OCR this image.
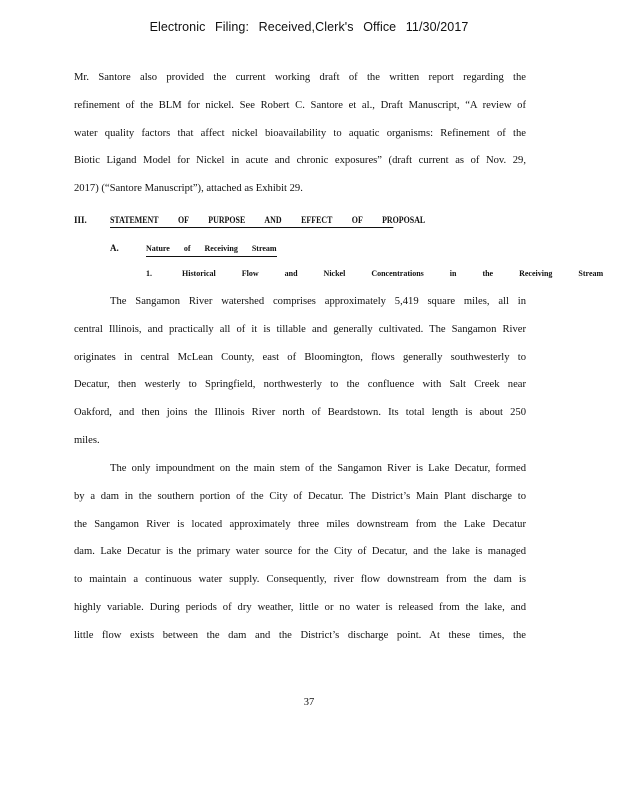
Electronic Filing: Received,Clerk's Office 11/30/2017
Mr. Santore also provided the current working draft of the written report regarding the
refinement of the BLM for nickel. See Robert C. Santore et al., Draft Manuscript, “A review of
water quality factors that affect nickel bioavailability to aquatic organisms: Refinement of the
Biotic Ligand Model for Nickel in acute and chronic exposures” (draft current as of Nov. 29,
2017) (“Santore Manuscript”), attached as Exhibit 29.
III.	STATEMENT OF PURPOSE AND EFFECT OF PROPOSAL
A.	Nature of Receiving Stream
1.	Historical Flow and Nickel Concentrations in the Receiving Stream
The Sangamon River watershed comprises approximately 5,419 square miles, all in
central Illinois, and practically all of it is tillable and generally cultivated. The Sangamon River
originates in central McLean County, east of Bloomington, flows generally southwesterly to
Decatur, then westerly to Springfield, northwesterly to the confluence with Salt Creek near
Oakford, and then joins the Illinois River north of Beardstown. Its total length is about 250
miles.
The only impoundment on the main stem of the Sangamon River is Lake Decatur, formed
by a dam in the southern portion of the City of Decatur. The District’s Main Plant discharge to
the Sangamon River is located approximately three miles downstream from the Lake Decatur
dam. Lake Decatur is the primary water source for the City of Decatur, and the lake is managed
to maintain a continuous water supply. Consequently, river flow downstream from the dam is
highly variable. During periods of dry weather, little or no water is released from the lake, and
little flow exists between the dam and the District’s discharge point. At these times, the
37
